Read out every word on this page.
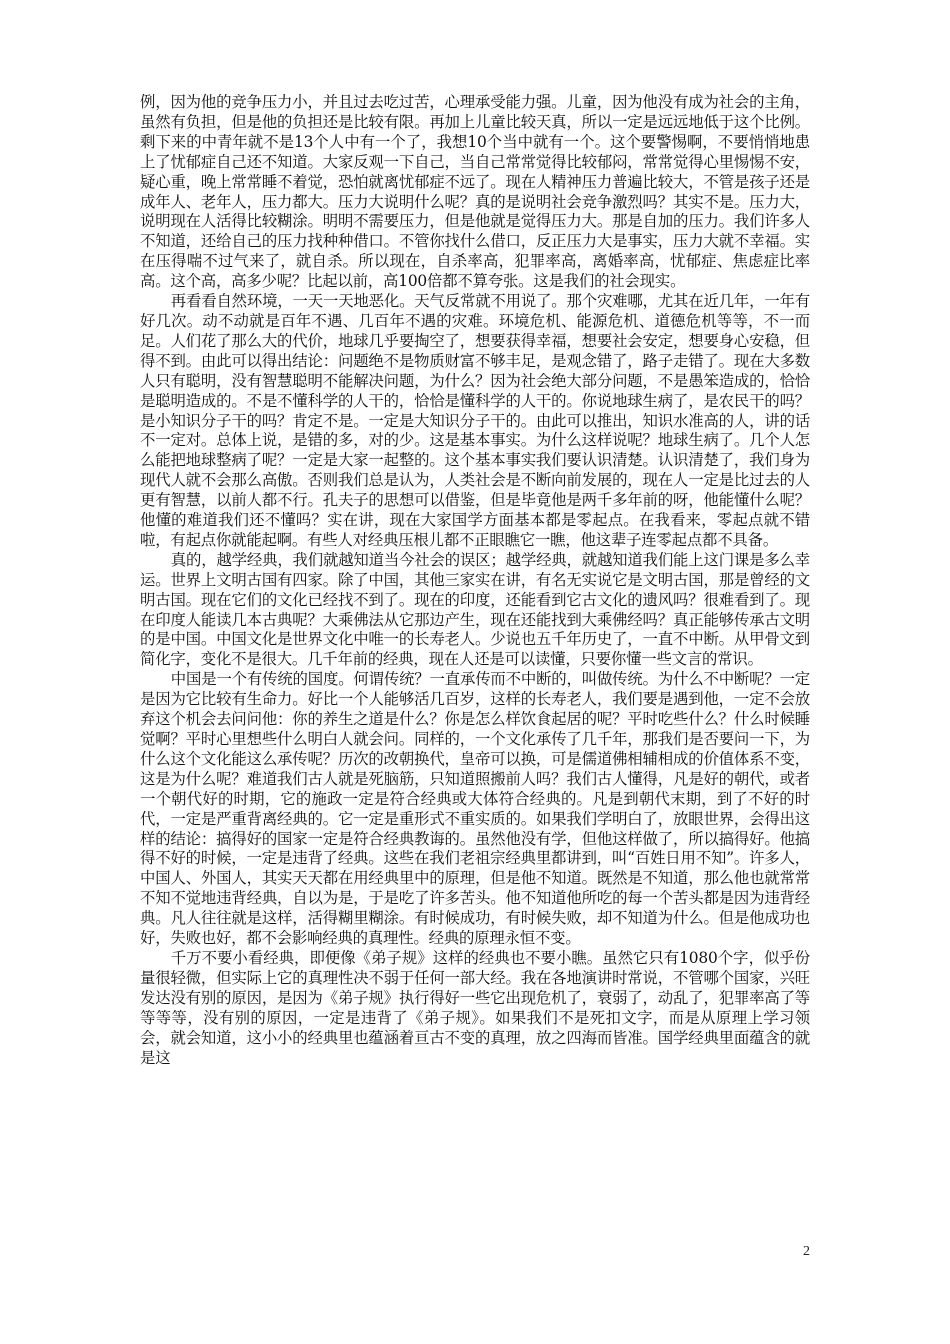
例，因为他的竞争压力小，并且过去吃过苦，心理承受能力强。儿童，因为他没有成为社会的主角，虽然有负担，但是他的负担还是比较有限。再加上儿童比较天真，所以一定是远远地低于这个比例。剩下来的中青年就不是13个人中有一个了，我想10个当中就有一个。这个要警惕啊，不要悄悄地患上了忧郁症自己还不知道。大家反观一下自己，当自己常常觉得比较郁闷，常常觉得心里惕惕不安，疑心重，晚上常常睡不着觉，恐怕就离忧郁症不远了。现在人精神压力普遍比较大，不管是孩子还是成年人、老年人，压力都大。压力大说明什么呢？真的是说明社会竞争激烈吗？其实不是。压力大，说明现在人活得比较糊涂。明明不需要压力，但是他就是觉得压力大。那是自加的压力。我们许多人不知道，还给自己的压力找种种借口。不管你找什么借口，反正压力大是事实，压力大就不幸福。实在压得喘不过气来了，就自杀。所以现在，自杀率高，犯罪率高，离婚率高，忧郁症、焦虑症比率高。这个高，高多少呢？比起以前，高100倍都不算夸张。这是我们的社会现实。

再看看自然环境，一天一天地恶化。天气反常就不用说了。那个灾难哪，尤其在近几年，一年有好几次。动不动就是百年不遇、几百年不遇的灾难。环境危机、能源危机、道德危机等等，不一而足。人们花了那么大的代价，地球几乎要掏空了，想要获得幸福，想要社会安定，想要身心安稳，但得不到。由此可以得出结论：问题绝不是物质财富不够丰足，是观念错了，路子走错了。现在大多数人只有聪明，没有智慧聪明不能解决问题，为什么？因为社会绝大部分问题，不是愚笨造成的，恰恰是聪明造成的。不是不懂科学的人干的，恰恰是懂科学的人干的。你说地球生病了，是农民干的吗？是小知识分子干的吗？肯定不是。一定是大知识分子干的。由此可以推出，知识水准高的人，讲的话不一定对。总体上说，是错的多，对的少。这是基本事实。为什么这样说呢？地球生病了。几个人怎么能把地球整病了呢？一定是大家一起整的。这个基本事实我们要认识清楚。认识清楚了，我们身为现代人就不会那么高傲。否则我们总是认为，人类社会是不断向前发展的，现在人一定是比过去的人更有智慧，以前人都不行。孔夫子的思想可以借鉴，但是毕竟他是两千多年前的呀，他能懂什么呢？他懂的难道我们还不懂吗？实在讲，现在大家国学方面基本都是零起点。在我看来，零起点就不错啦，有起点你就能起啊。有些人对经典压根儿都不正眼瞧它一瞧，他这辈子连零起点都不具备。

真的，越学经典，我们就越知道当今社会的误区；越学经典，就越知道我们能上这门课是多么幸运。世界上文明古国有四家。除了中国，其他三家实在讲，有名无实说它是文明古国，那是曾经的文明古国。现在它们的文化已经找不到了。现在的印度，还能看到它古文化的遗风吗？很难看到了。现在印度人能读几本古典呢？大乘佛法从它那边产生，现在还能找到大乘佛经吗？真正能够传承古文明的是中国。中国文化是世界文化中唯一的长寿老人。少说也五千年历史了，一直不中断。从甲骨文到简化字，变化不是很大。几千年前的经典，现在人还是可以读懂，只要你懂一些文言的常识。

中国是一个有传统的国度。何谓传统？一直承传而不中断的，叫做传统。为什么不中断呢？一定是因为它比较有生命力。好比一个人能够活几百岁，这样的长寿老人，我们要是遇到他，一定不会放弃这个机会去问问他：你的养生之道是什么？你是怎么样饮食起居的呢？平时吃些什么？什么时候睡觉啊？平时心里想些什么明白人就会问。同样的，一个文化承传了几千年，那我们是否要问一下，为什么这个文化能这么承传呢？历次的改朝换代，皇帝可以换，可是儒道佛相辅相成的价值体系不变，这是为什么呢？难道我们古人就是死脑筋，只知道照搬前人吗？我们古人懂得，凡是好的朝代，或者一个朝代好的时期，它的施政一定是符合经典或大体符合经典的。凡是到朝代末期，到了不好的时代，一定是严重背离经典的。它一定是重形式不重实质的。如果我们学明白了，放眼世界，会得出这样的结论：搞得好的国家一定是符合经典教诲的。虽然他没有学，但他这样做了，所以搞得好。他搞得不好的时候，一定是违背了经典。这些在我们老祖宗经典里都讲到，叫“百姓日用不知”。许多人，中国人、外国人，其实天天都在用经典里中的原理，但是他不知道。既然是不知道，那么他也就常常不知不觉地违背经典，自以为是，于是吃了许多苦头。他不知道他所吃的每一个苦头都是因为违背经典。凡人往往就是这样，活得糊里糊涂。有时候成功，有时候失败，却不知道为什么。但是他成功也好，失败也好，都不会影响经典的真理性。经典的原理永恒不变。

千万不要小看经典，即便像《弟子规》这样的经典也不要小瞧。虽然它只有1080个字，似乎份量很轻微，但实际上它的真理性决不弱于任何一部大经。我在各地演讲时常说，不管哪个国家，兴旺发达没有别的原因，是因为《弟子规》执行得好一些它出现危机了，衰弱了，动乱了，犯罪率高了等等等等，没有别的原因，一定是违背了《弟子规》。如果我们不是死扣文字，而是从原理上学习领会，就会知道，这小小的经典里也蕴涵着亘古不变的真理，放之四海而皆准。国学经典里面蕴含的就是这

2
